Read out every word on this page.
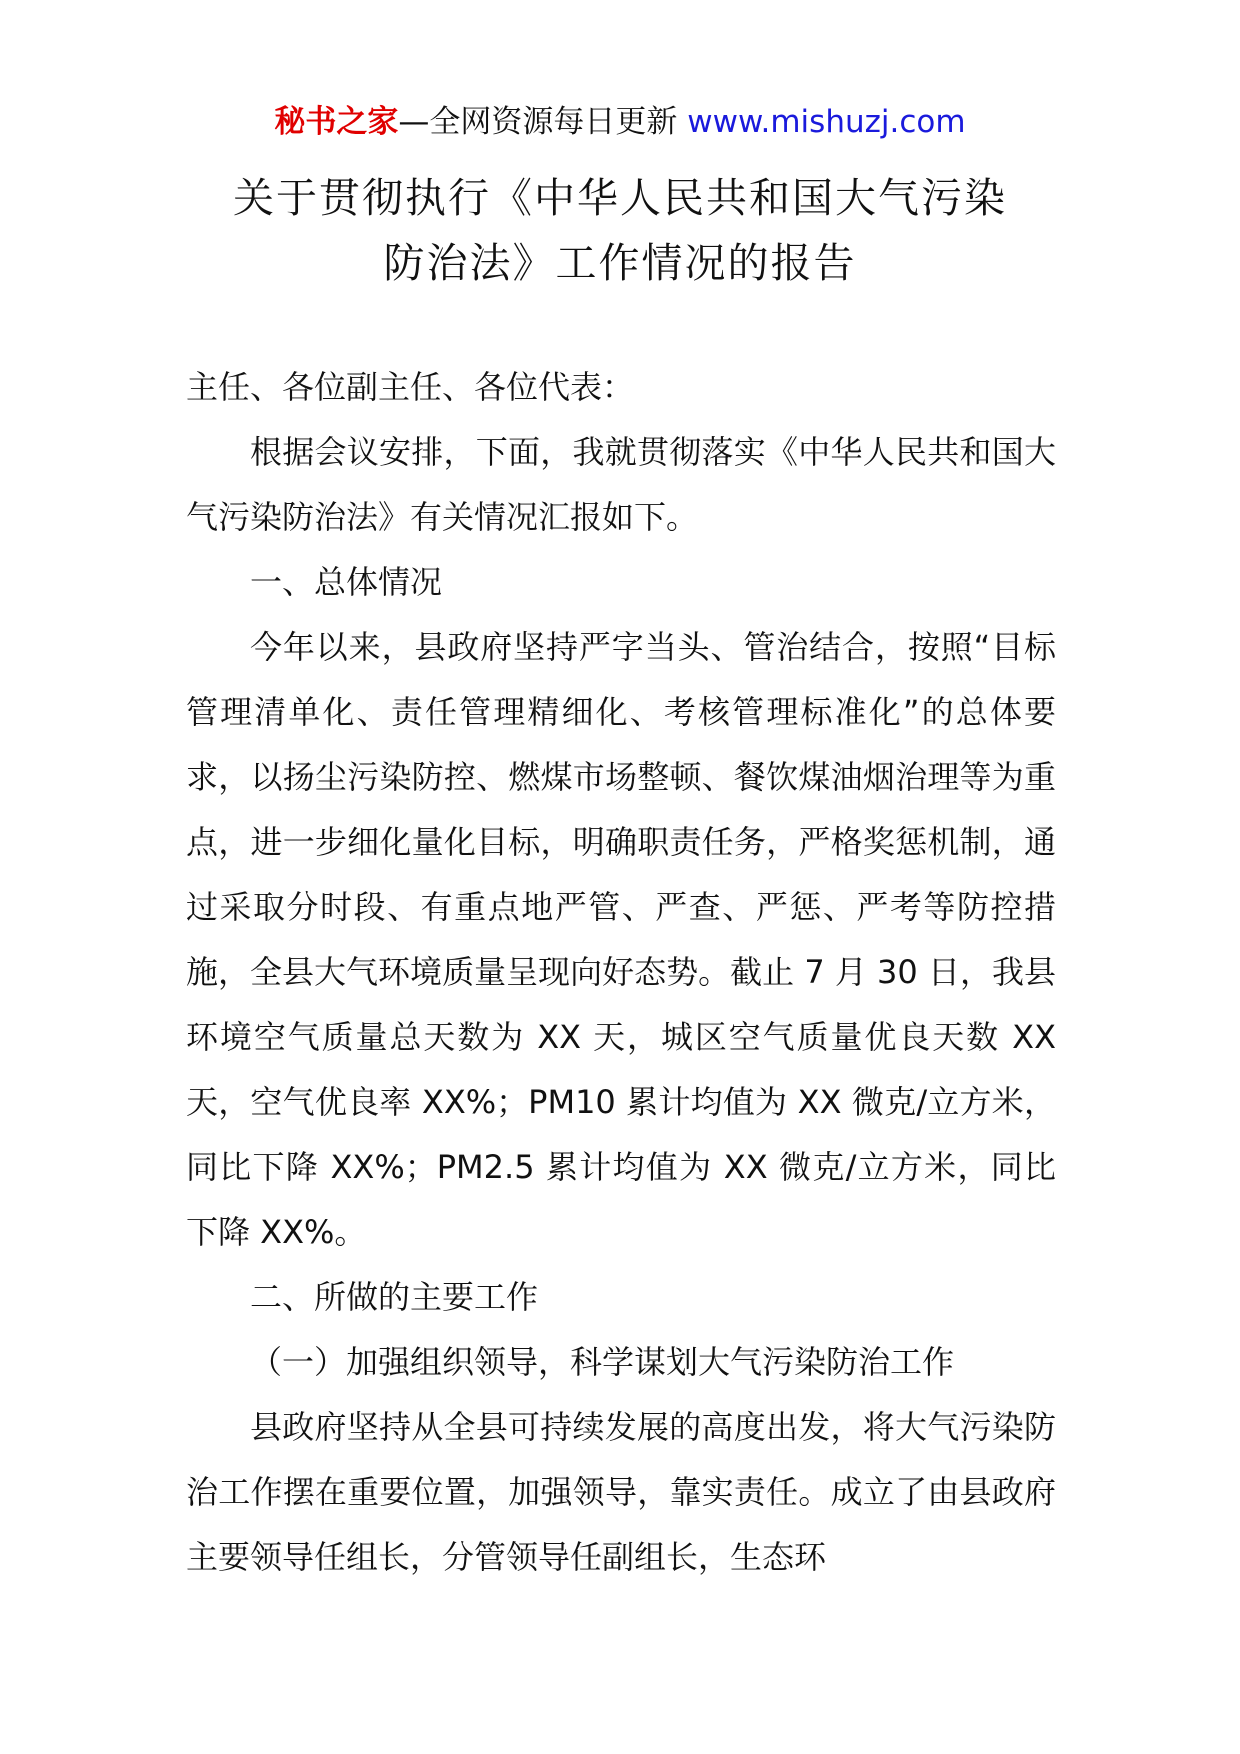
秘书之家—全网资源每日更新 www.mishuzj.com
关于贯彻执行《中华人民共和国大气污染
防治法》工作情况的报告

主任、各位副主任、各位代表：

根据会议安排，下面，我就贯彻落实《中华人民共和国大气污染防治法》有关情况汇报如下。

一、总体情况

今年以来，县政府坚持严字当头、管治结合，按照“目标管理清单化、责任管理精细化、考核管理标准化”的总体要求，以扬尘污染防控、燃煤市场整顿、餐饮煤油烟治理等为重点，进一步细化量化目标，明确职责任务，严格奖惩机制，通过采取分时段、有重点地严管、严查、严惩、严考等防控措施，全县大气环境质量呈现向好态势。截止 7 月 30 日，我县环境空气质量总天数为 XX 天，城区空气质量优良天数 XX 天，空气优良率 XX%；PM10 累计均值为 XX 微克/立方米，同比下降 XX%；PM2.5 累计均值为 XX 微克/立方米，同比下降 XX%。

二、所做的主要工作

（一）加强组织领导，科学谋划大气污染防治工作

县政府坚持从全县可持续发展的高度出发，将大气污染防治工作摆在重要位置，加强领导，靠实责任。成立了由县政府主要领导任组长，分管领导任副组长，生态环
